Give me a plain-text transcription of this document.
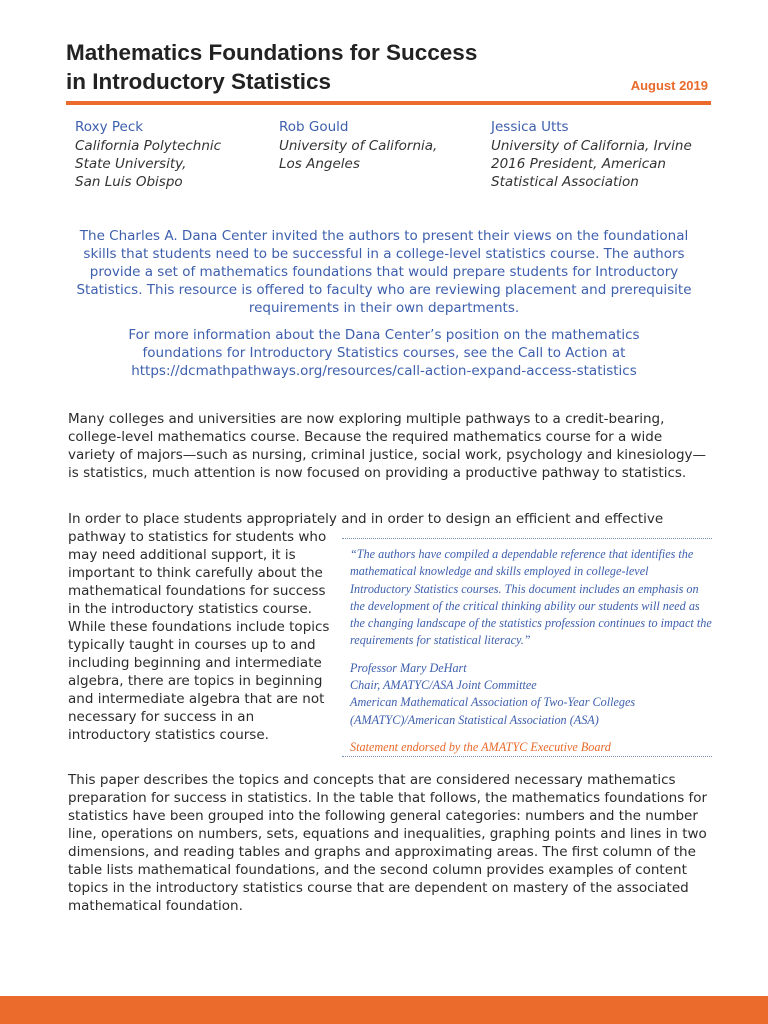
Mathematics Foundations for Success
in Introductory Statistics	August 2019
Roxy Peck
California Polytechnic
State University,
San Luis Obispo
Rob Gould
University of California,
Los Angeles
Jessica Utts
University of California, Irvine
2016 President, American
Statistical Association

The Charles A. Dana Center invited the authors to present their views on the foundational skills that students need to be successful in a college-level statistics course. The authors provide a set of mathematics foundations that would prepare students for Introductory Statistics. This resource is offered to faculty who are reviewing placement and prerequisite requirements in their own departments.

For more information about the Dana Center’s position on the mathematics
foundations for Introductory Statistics courses, see the Call to Action at
https://dcmathpathways.org/resources/call-action-expand-access-statistics

Many colleges and universities are now exploring multiple pathways to a credit-bearing, college-level mathematics course. Because the required mathematics course for a wide variety of majors—such as nursing, criminal justice, social work, psychology and kinesiology—is statistics, much attention is now focused on providing a productive pathway to statistics.

In order to place students appropriately and in order to design an efficient and effective

pathway to statistics for students who may need additional support, it is important to think carefully about the mathematical foundations for success in the introductory statistics course. While these foundations include topics typically taught in courses up to and including beginning and intermediate algebra, there are topics in beginning and intermediate algebra that are not necessary for success in an introductory statistics course.

“The authors have compiled a dependable reference that identifies the mathematical knowledge and skills employed in college-level Introductory Statistics courses. This document includes an emphasis on the development of the critical thinking ability our students will need as the changing landscape of the statistics profession continues to impact the requirements for statistical literacy.”
Professor Mary DeHart
Chair, AMATYC/ASA Joint Committee
American Mathematical Association of Two-Year Colleges
(AMATYC)/American Statistical Association (ASA)
Statement endorsed by the AMATYC Executive Board

This paper describes the topics and concepts that are considered necessary mathematics preparation for success in statistics. In the table that follows, the mathematics foundations for statistics have been grouped into the following general categories: numbers and the number line, operations on numbers, sets, equations and inequalities, graphing points and lines in two dimensions, and reading tables and graphs and approximating areas. The first column of the table lists mathematical foundations, and the second column provides examples of content topics in the introductory statistics course that are dependent on mastery of the associated mathematical foundation.
